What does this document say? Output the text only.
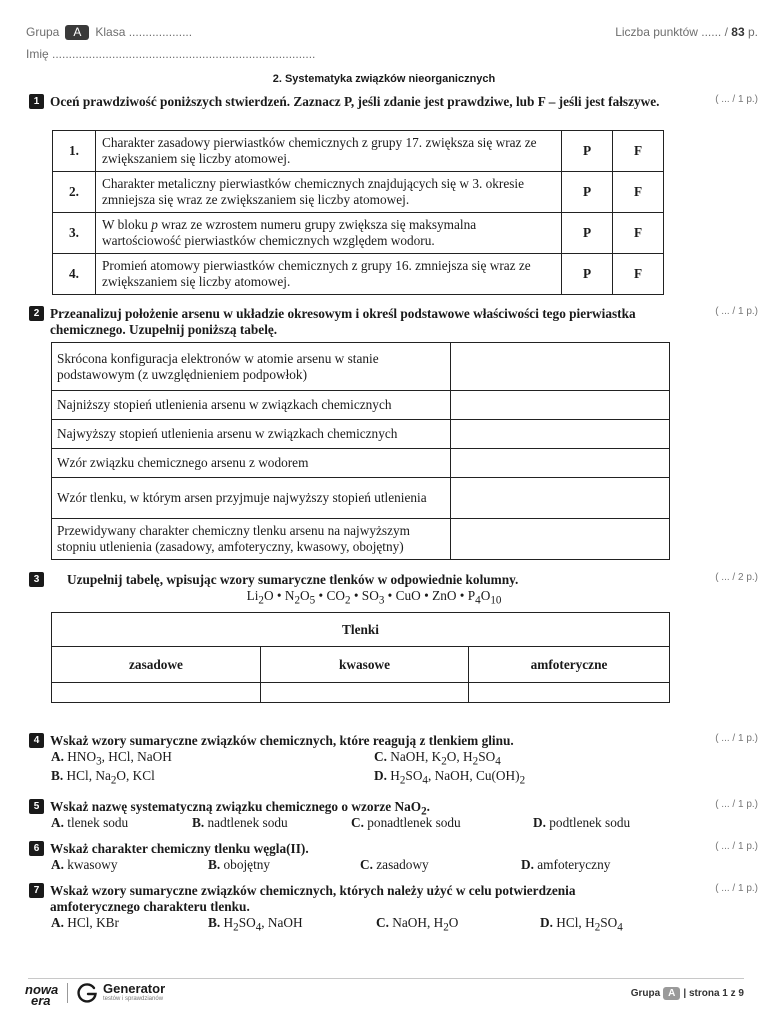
Grupa A Klasa ...................
Imię ...............................................................................
Liczba punktów ...... / 83 p.
2. Systematyka związków nieorganicznych
1 Oceń prawdziwość poniższych stwierdzeń. Zaznacz P, jeśli zdanie jest prawdziwe, lub F – jeśli jest fałszywe.	( ... / 1 p.)
1.	Charakter zasadowy pierwiastków chemicznych z grupy 17. zwiększa się wraz ze zwiększaniem się liczby atomowej.	P	F
2.	Charakter metaliczny pierwiastków chemicznych znajdujących się w 3. okresie zmniejsza się wraz ze zwiększaniem się liczby atomowej.	P	F
3.	W bloku p wraz ze wzrostem numeru grupy zwiększa się maksymalna wartościowość pierwiastków chemicznych względem wodoru.	P	F
4.	Promień atomowy pierwiastków chemicznych z grupy 16. zmniejsza się wraz ze zwiększaniem się liczby atomowej.	P	F
2 Przeanalizuj położenie arsenu w układzie okresowym i określ podstawowe właściwości tego pierwiastka chemicznego. Uzupełnij poniższą tabelę.
( ... / 1 p.)
Skrócona konfiguracja elektronów w atomie arsenu w stanie podstawowym (z uwzględnieniem podpowłok)	
Najniższy stopień utlenienia arsenu w związkach chemicznych	
Najwyższy stopień utlenienia arsenu w związkach chemicznych	
Wzór związku chemicznego arsenu z wodorem	
Wzór tlenku, w którym arsen przyjmuje najwyższy stopień utlenienia	
Przewidywany charakter chemiczny tlenku arsenu na najwyższym stopniu utlenienia (zasadowy, amfoteryczny, kwasowy, obojętny)	
3	Uzupełnij tabelę, wpisując wzory sumaryczne tlenków w odpowiednie kolumny.	( ... / 2 p.)
$Li_2O$ • $N_2O_5$ • $CO_2$ • $SO_3$ • CuO • ZnO • $P_4O_{10}$
Tlenki		
zasadowe	kwasowe	amfoteryczne

4 Wskaż wzory sumaryczne związków chemicznych, które reagują z tlenkiem glinu.	( ... / 1 p.)
A. $HNO_3$, HCl, NaOH	C. NaOH, $K_2O$, $H_2SO_4$
B. HCl, $Na_2O$, KCl	D. $H_2SO_4$, NaOH, $Cu(OH)_2$
5 Wskaż nazwę systematyczną związku chemicznego o wzorze NaO$_2$.	( ... / 1 p.)
A. tlenek sodu	B. nadtlenek sodu	C. ponadtlenek sodu	D. podtlenek sodu
6 Wskaż charakter chemiczny tlenku węgla(II).	( ... / 1 p.)
A. kwasowy	B. obojętny	C. zasadowy	D. amfoteryczny
7 Wskaż wzory sumaryczne związków chemicznych, których należy użyć w celu potwierdzenia amfoterycznego charakteru tlenku.
( ... / 1 p.)
A. HCl, KBr	B. $H_2SO_4$, NaOH	C. NaOH, $H_2O$	D. HCl, $H_2SO_4$
nowa
era
Generator
testów i sprawdzianów	Grupa A | strona 1 z 9
